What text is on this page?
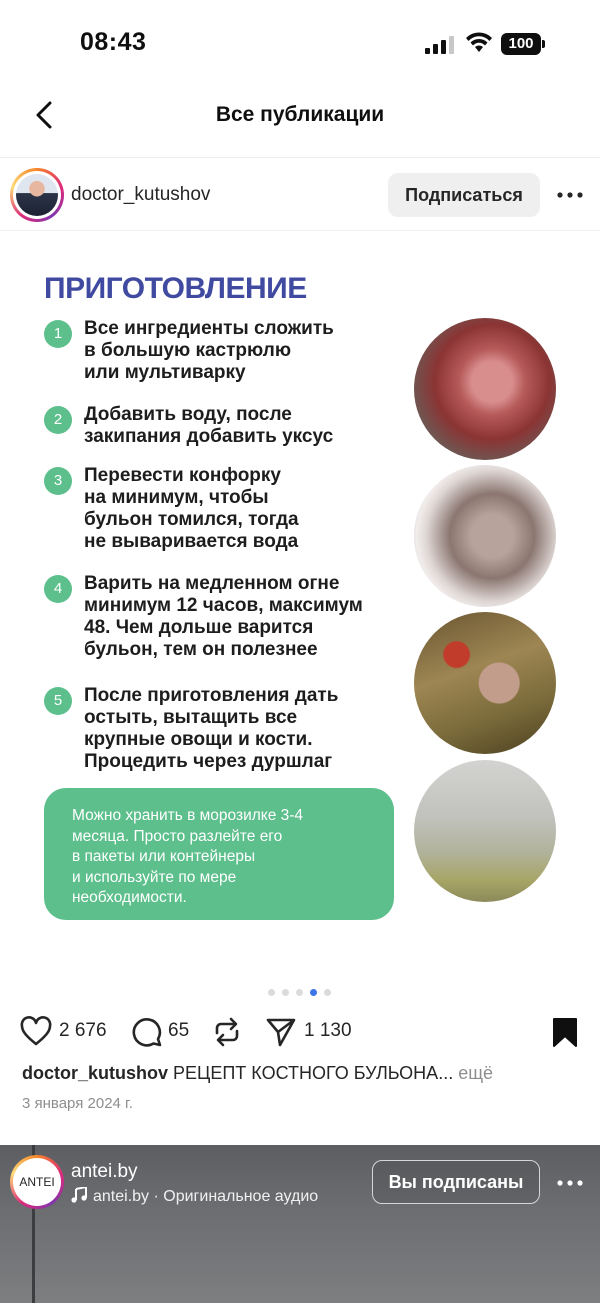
08:43	100
Все публикации
doctor_kutushov	Подписаться
ПРИГОТОВЛЕНИЕ
1	Все ингредиенты сложить
в большую кастрюлю
или мультиварку
2	Добавить воду, после
закипания добавить уксус
3	Перевести конфорку
на минимум, чтобы
бульон томился, тогда
не вываривается вода
4	Варить на медленном огне
минимум 12 часов, максимум
48. Чем дольше варится
бульон, тем он полезнее
5	После приготовления дать
остыть, вытащить все
крупные овощи и кости.
Процедить через дуршлаг
Можно хранить в морозилке 3-4
месяца. Просто разлейте его
в пакеты или контейнеры
и используйте по мере
необходимости.
2 676	65	1 130
doctor_kutushov РЕЦЕПТ КОСТНОГО БУЛЬОНА... ещё
3 января 2024 г.
ANTEI antei.by
antei.by · Оригинальное аудио
Вы подписаны
